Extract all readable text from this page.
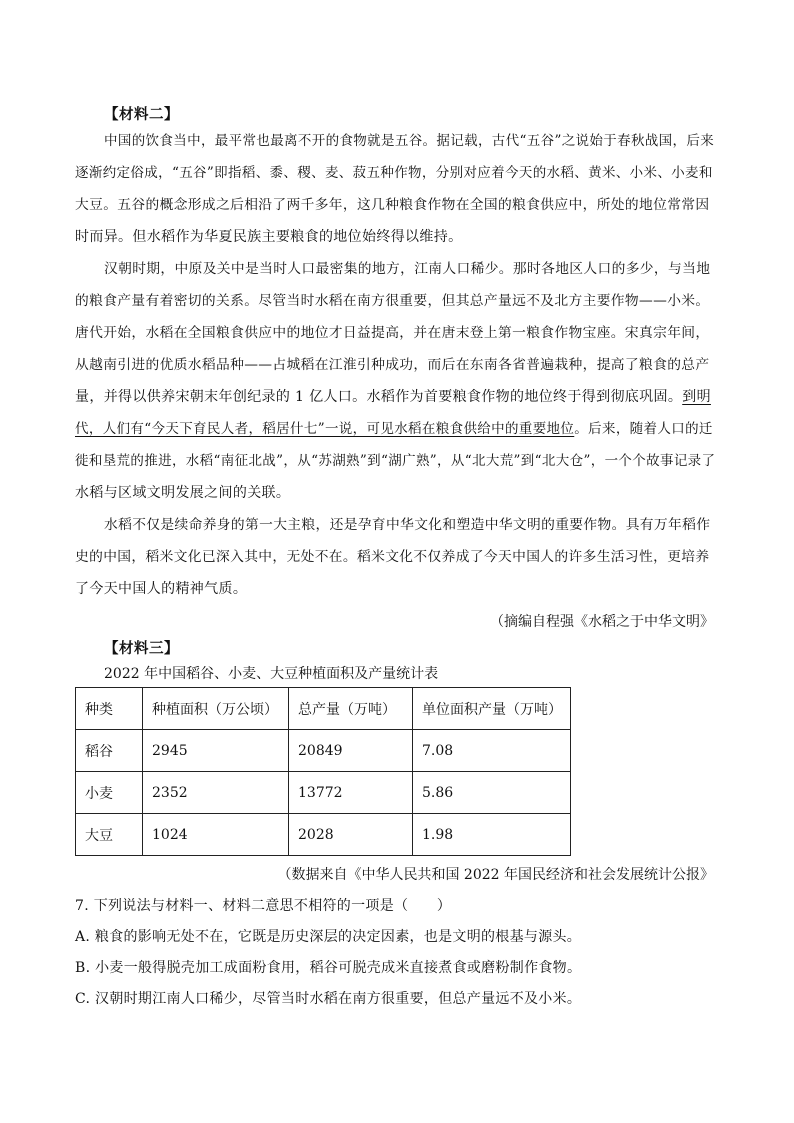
【材料二】
中国的饮食当中，最平常也最离不开的食物就是五谷。据记载，古代“五谷”之说始于春秋战国，后来
逐渐约定俗成，“五谷”即指稻、黍、稷、麦、菽五种作物，分别对应着今天的水稻、黄米、小米、小麦和
大豆。五谷的概念形成之后相沿了两千多年，这几种粮食作物在全国的粮食供应中，所处的地位常常因
时而异。但水稻作为华夏民族主要粮食的地位始终得以维持。
汉朝时期，中原及关中是当时人口最密集的地方，江南人口稀少。那时各地区人口的多少，与当地
的粮食产量有着密切的关系。尽管当时水稻在南方很重要，但其总产量远不及北方主要作物——小米。
唐代开始，水稻在全国粮食供应中的地位才日益提高，并在唐末登上第一粮食作物宝座。宋真宗年间，
从越南引进的优质水稻品种——占城稻在江淮引种成功，而后在东南各省普遍栽种，提高了粮食的总产
量，并得以供养宋朝末年创纪录的 1 亿人口。水稻作为首要粮食作物的地位终于得到彻底巩固。到明
代，人们有“今天下育民人者，稻居什七”一说，可见水稻在粮食供给中的重要地位。后来，随着人口的迁
徙和垦荒的推进，水稻“南征北战”，从“苏湖熟”到“湖广熟”，从“北大荒”到“北大仓”，一个个故事记录了
水稻与区域文明发展之间的关联。
水稻不仅是续命养身的第一大主粮，还是孕育中华文化和塑造中华文明的重要作物。具有万年稻作
史的中国，稻米文化已深入其中，无处不在。稻米文化不仅养成了今天中国人的许多生活习性，更培养
了今天中国人的精神气质。
（摘编自程强《水稻之于中华文明》
【材料三】
2022 年中国稻谷、小麦、大豆种植面积及产量统计表
种类	种植面积（万公顷）	总产量（万吨）	单位面积产量（万吨）
稻谷	2945	20849	7.08
小麦	2352	13772	5.86
大豆	1024	2028	1.98
（数据来自《中华人民共和国 2022 年国民经济和社会发展统计公报》
7. 下列说法与材料一、材料二意思不相符的一项是（　　）
A. 粮食的影响无处不在，它既是历史深层的决定因素，也是文明的根基与源头。
B. 小麦一般得脱壳加工成面粉食用，稻谷可脱壳成米直接煮食或磨粉制作食物。
C. 汉朝时期江南人口稀少，尽管当时水稻在南方很重要，但总产量远不及小米。
